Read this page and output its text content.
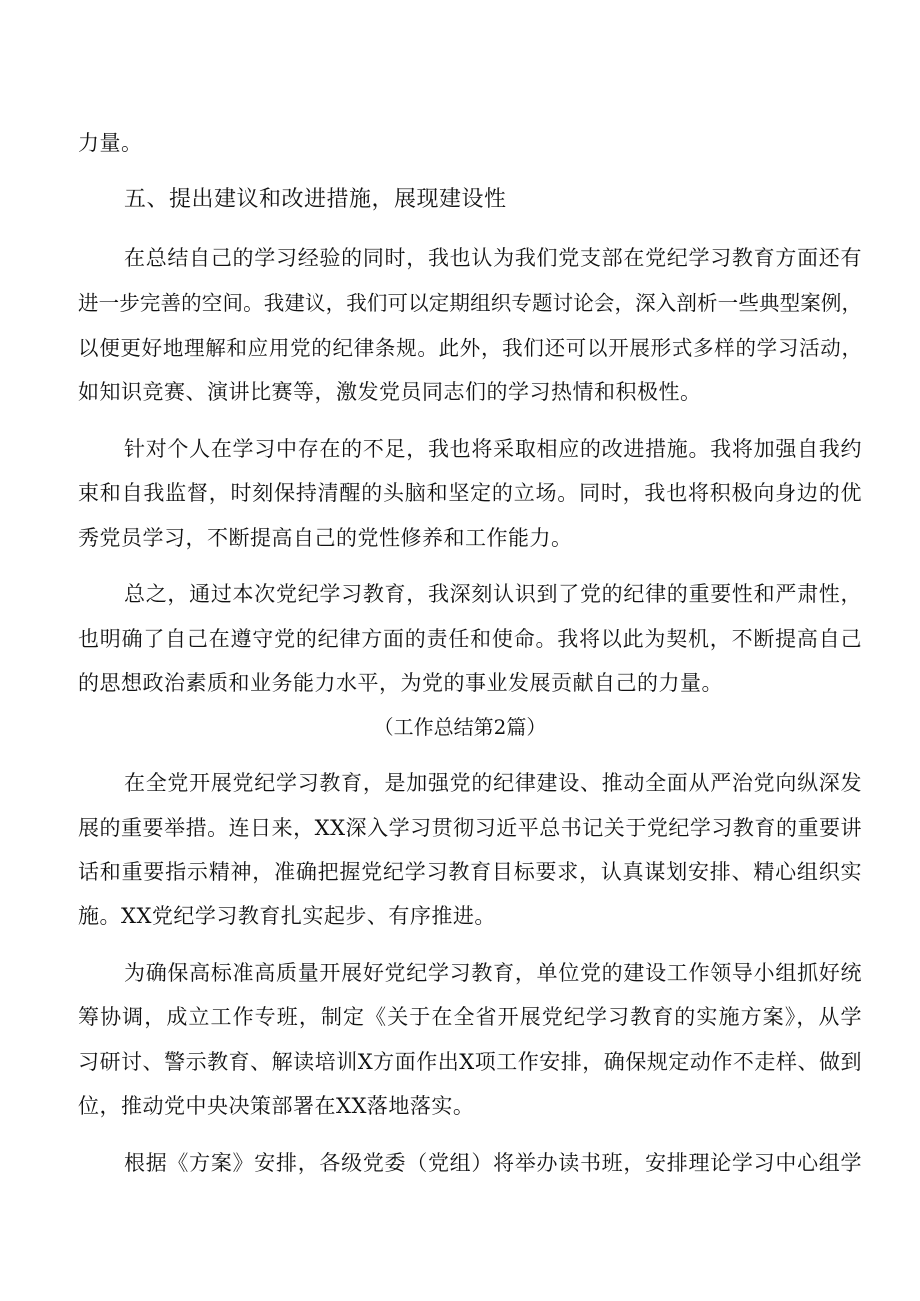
力量。
五、提出建议和改进措施，展现建设性
在总结自己的学习经验的同时，我也认为我们党支部在党纪学习教育方面还有
进一步完善的空间。我建议，我们可以定期组织专题讨论会，深入剖析一些典型案例，
以便更好地理解和应用党的纪律条规。此外，我们还可以开展形式多样的学习活动，
如知识竞赛、演讲比赛等，激发党员同志们的学习热情和积极性。
针对个人在学习中存在的不足，我也将采取相应的改进措施。我将加强自我约
束和自我监督，时刻保持清醒的头脑和坚定的立场。同时，我也将积极向身边的优
秀党员学习，不断提高自己的党性修养和工作能力。
总之，通过本次党纪学习教育，我深刻认识到了党的纪律的重要性和严肃性，
也明确了自己在遵守党的纪律方面的责任和使命。我将以此为契机，不断提高自己
的思想政治素质和业务能力水平，为党的事业发展贡献自己的力量。
（工作总结第2篇）
在全党开展党纪学习教育，是加强党的纪律建设、推动全面从严治党向纵深发
展的重要举措。连日来，XX深入学习贯彻习近平总书记关于党纪学习教育的重要讲
话和重要指示精神，准确把握党纪学习教育目标要求，认真谋划安排、精心组织实
施。XX党纪学习教育扎实起步、有序推进。
为确保高标准高质量开展好党纪学习教育，单位党的建设工作领导小组抓好统
筹协调，成立工作专班，制定《关于在全省开展党纪学习教育的实施方案》，从学
习研讨、警示教育、解读培训X方面作出X项工作安排，确保规定动作不走样、做到
位，推动党中央决策部署在XX落地落实。
根据《方案》安排，各级党委（党组）将举办读书班，安排理论学习中心组学
